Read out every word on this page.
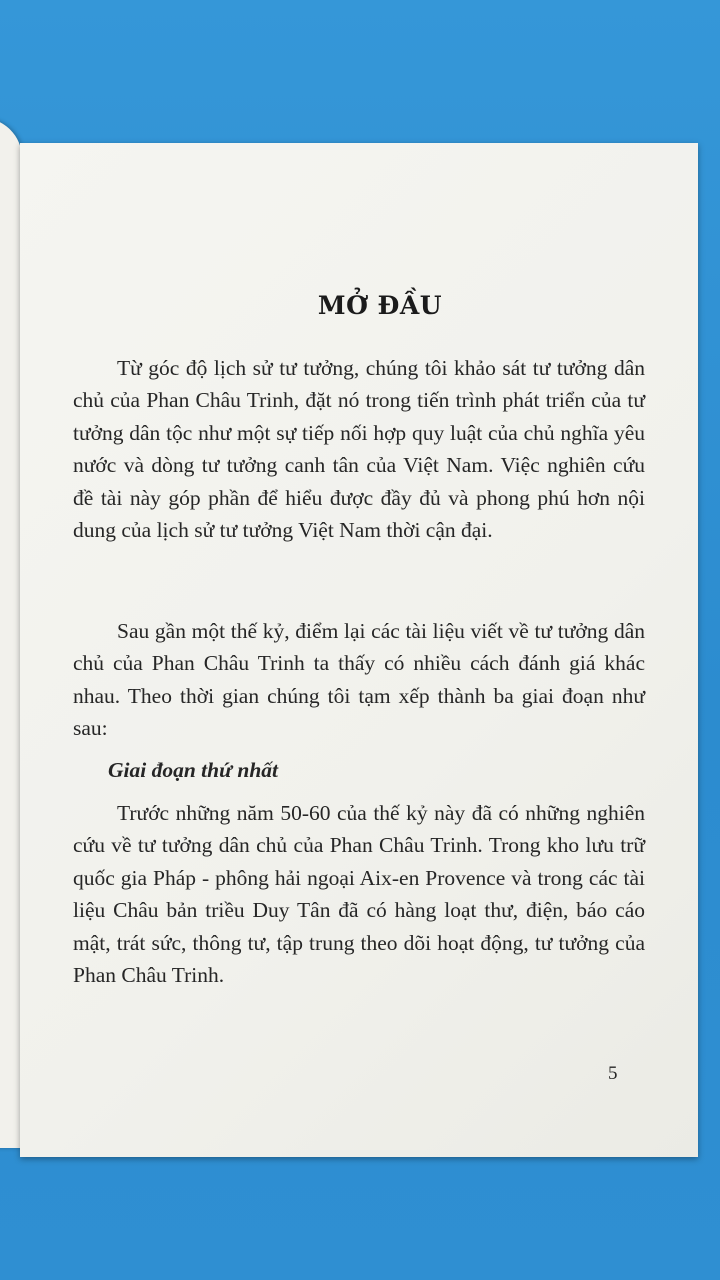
MỞ ĐẦU

Từ góc độ lịch sử tư tưởng, chúng tôi khảo sát tư tưởng dân chủ của Phan Châu Trinh, đặt nó trong tiến trình phát triển của tư tưởng dân tộc như một sự tiếp nối hợp quy luật của chủ nghĩa yêu nước và dòng tư tưởng canh tân của Việt Nam. Việc nghiên cứu đề tài này góp phần để hiểu được đầy đủ và phong phú hơn nội dung của lịch sử tư tưởng Việt Nam thời cận đại.

Sau gần một thế kỷ, điểm lại các tài liệu viết về tư tưởng dân chủ của Phan Châu Trinh ta thấy có nhiều cách đánh giá khác nhau. Theo thời gian chúng tôi tạm xếp thành ba giai đoạn như sau:

Giai đoạn thứ nhất

Trước những năm 50-60 của thế kỷ này đã có những nghiên cứu về tư tưởng dân chủ của Phan Châu Trinh. Trong kho lưu trữ quốc gia Pháp - phông hải ngoại Aix-en Provence và trong các tài liệu Châu bản triều Duy Tân đã có hàng loạt thư, điện, báo cáo mật, trát sức, thông tư, tập trung theo dõi hoạt động, tư tưởng của Phan Châu Trinh.

5
